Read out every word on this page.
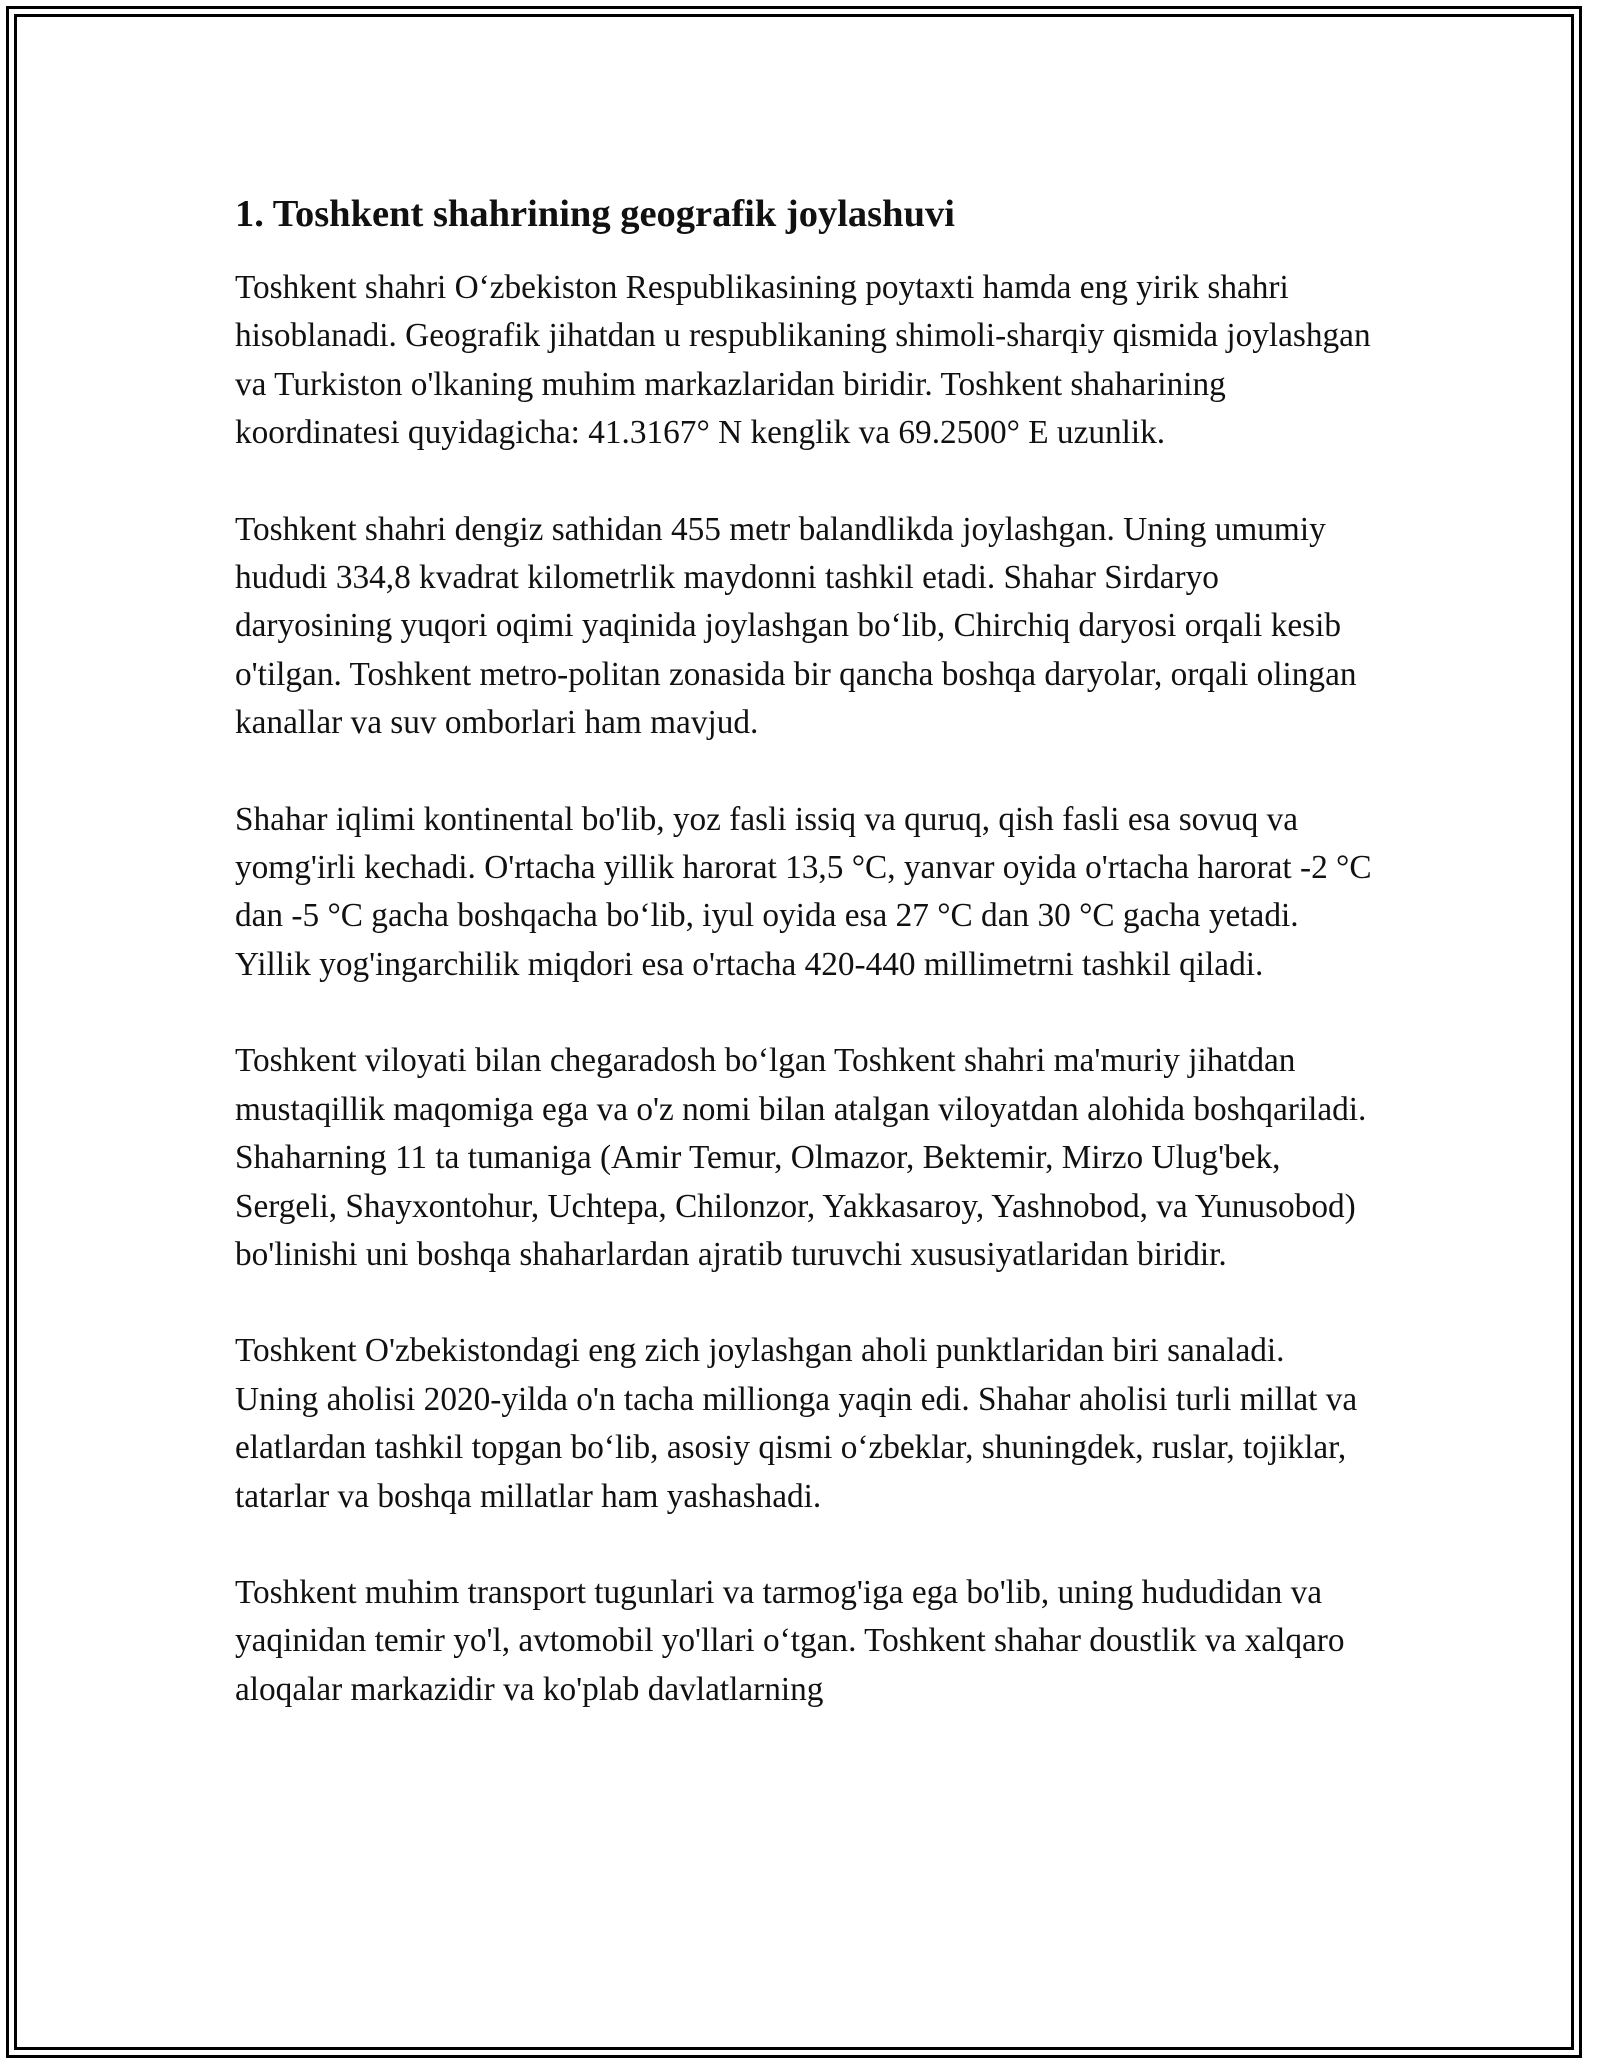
1. Toshkent shahrining geografik joylashuvi

Toshkent shahri O‘zbekiston Respublikasining poytaxti hamda eng yirik shahri hisoblanadi. Geografik jihatdan u respublikaning shimoli-sharqiy qismida joylashgan va Turkiston o'lkaning muhim markazlaridan biridir. Toshkent shaharining koordinatesi quyidagicha: 41.3167° N kenglik va 69.2500° E uzunlik.

Toshkent shahri dengiz sathidan 455 metr balandlikda joylashgan. Uning umumiy hududi 334,8 kvadrat kilometrlik maydonni tashkil etadi. Shahar Sirdaryo daryosining yuqori oqimi yaqinida joylashgan bo‘lib, Chirchiq daryosi orqali kesib o'tilgan. Toshkent metro-politan zonasida bir qancha boshqa daryolar, orqali olingan kanallar va suv omborlari ham mavjud.

Shahar iqlimi kontinental bo'lib, yoz fasli issiq va quruq, qish fasli esa sovuq va yomg'irli kechadi. O'rtacha yillik harorat 13,5 °C, yanvar oyida o'rtacha harorat -2 °C dan -5 °C gacha boshqacha bo‘lib, iyul oyida esa 27 °C dan 30 °C gacha yetadi. Yillik yog'ingarchilik miqdori esa o'rtacha 420-440 millimetrni tashkil qiladi.

Toshkent viloyati bilan chegaradosh bo‘lgan Toshkent shahri ma'muriy jihatdan mustaqillik maqomiga ega va o'z nomi bilan atalgan viloyatdan alohida boshqariladi. Shaharning 11 ta tumaniga (Amir Temur, Olmazor, Bektemir, Mirzo Ulug'bek, Sergeli, Shayxontohur, Uchtepa, Chilonzor, Yakkasaroy, Yashnobod, va Yunusobod) bo'linishi uni boshqa shaharlardan ajratib turuvchi xususiyatlaridan biridir.

Toshkent O'zbekistondagi eng zich joylashgan aholi punktlaridan biri sanaladi. Uning aholisi 2020-yilda o'n tacha millionga yaqin edi. Shahar aholisi turli millat va elatlardan tashkil topgan bo‘lib, asosiy qismi o‘zbeklar, shuningdek, ruslar, tojiklar, tatarlar va boshqa millatlar ham yashashadi.

Toshkent muhim transport tugunlari va tarmog'iga ega bo'lib, uning hududidan va yaqinidan temir yo'l, avtomobil yo'llari o‘tgan. Toshkent shahar doustlik va xalqaro aloqalar markazidir va ko'plab davlatlarning
